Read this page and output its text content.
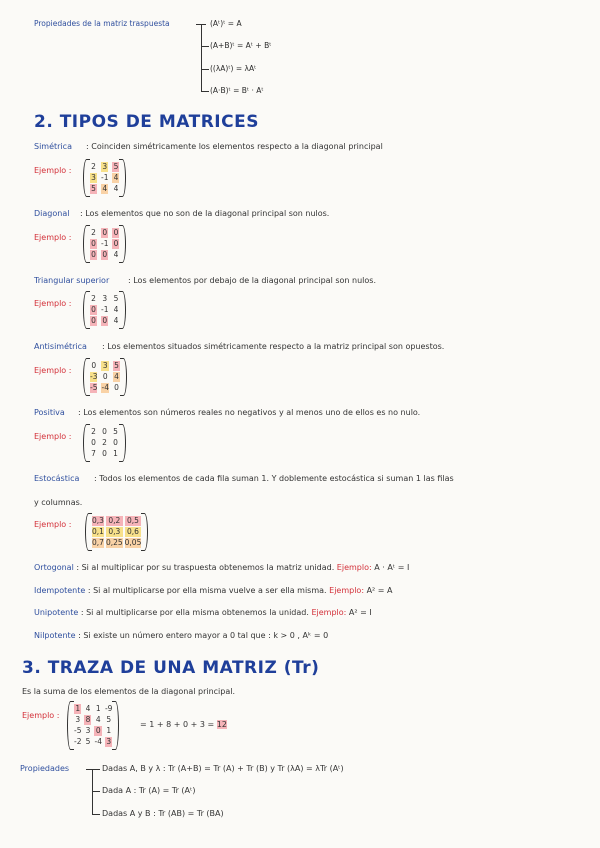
Propiedades de la matriz traspuesta	(Aᵗ)ᵗ = A
(A+B)ᵗ = Aᵗ + Bᵗ
((λA)ᵗ) = λAᵗ
(A·B)ᵗ = Bᵗ · Aᵗ
2. TIPOS DE MATRICES
Simétrica : Coinciden simétricamente los elementos respecto a la diagonal principal
Ejemplo :	2 3 5
3 -1 4
5 4 4
Diagonal : Los elementos que no son de la diagonal principal son nulos.
Ejemplo :
2 0 0
0 -1 0
0 0 4
Triangular superior : Los elementos por debajo de la diagonal principal son nulos.
Ejemplo :
2 3 5
0 -1 4
0 0 4
Antisimétrica : Los elementos situados simétricamente respecto a la matriz principal son opuestos.
Ejemplo :
0 3 5
-3 0 4
-5 -4 0
Positiva : Los elementos son números reales no negativos y al menos uno de ellos es no nulo.
Ejemplo :
2 0 5
0 2 0
7 0 1
Estocástica : Todos los elementos de cada fila suman 1. Y doblemente estocástica si suman 1 las filas
y columnas.
Ejemplo :	0,3 0,2 0,5
0,1 0,3 0,6
0,7 0,25 0,05
Ortogonal : Si al multiplicar por su traspuesta obtenemos la matriz unidad. Ejemplo: A · Aᵗ = I
Idempotente : Si al multiplicarse por ella misma vuelve a ser ella misma. Ejemplo: A² = A
Unipotente : Si al multiplicarse por ella misma obtenemos la unidad. Ejemplo: A² = I
Nilpotente : Si existe un número entero mayor a 0 tal que : k > 0 , Aᵏ = 0
3. TRAZA DE UNA MATRIZ (Tr)
Es la suma de los elementos de la diagonal principal.
Ejemplo :
1 4 1 -9
3 8 4 5
-5 3 0 1
-2 5 -4 3
= 1 + 8 + 0 + 3 = 12
Propiedades	Dadas A, B y λ : Tr (A+B) = Tr (A) + Tr (B) y Tr (λA) = λTr (Aᵗ)
Dada A : Tr (A) = Tr (Aᵗ)
Dadas A y B : Tr (AB) = Tr (BA)
